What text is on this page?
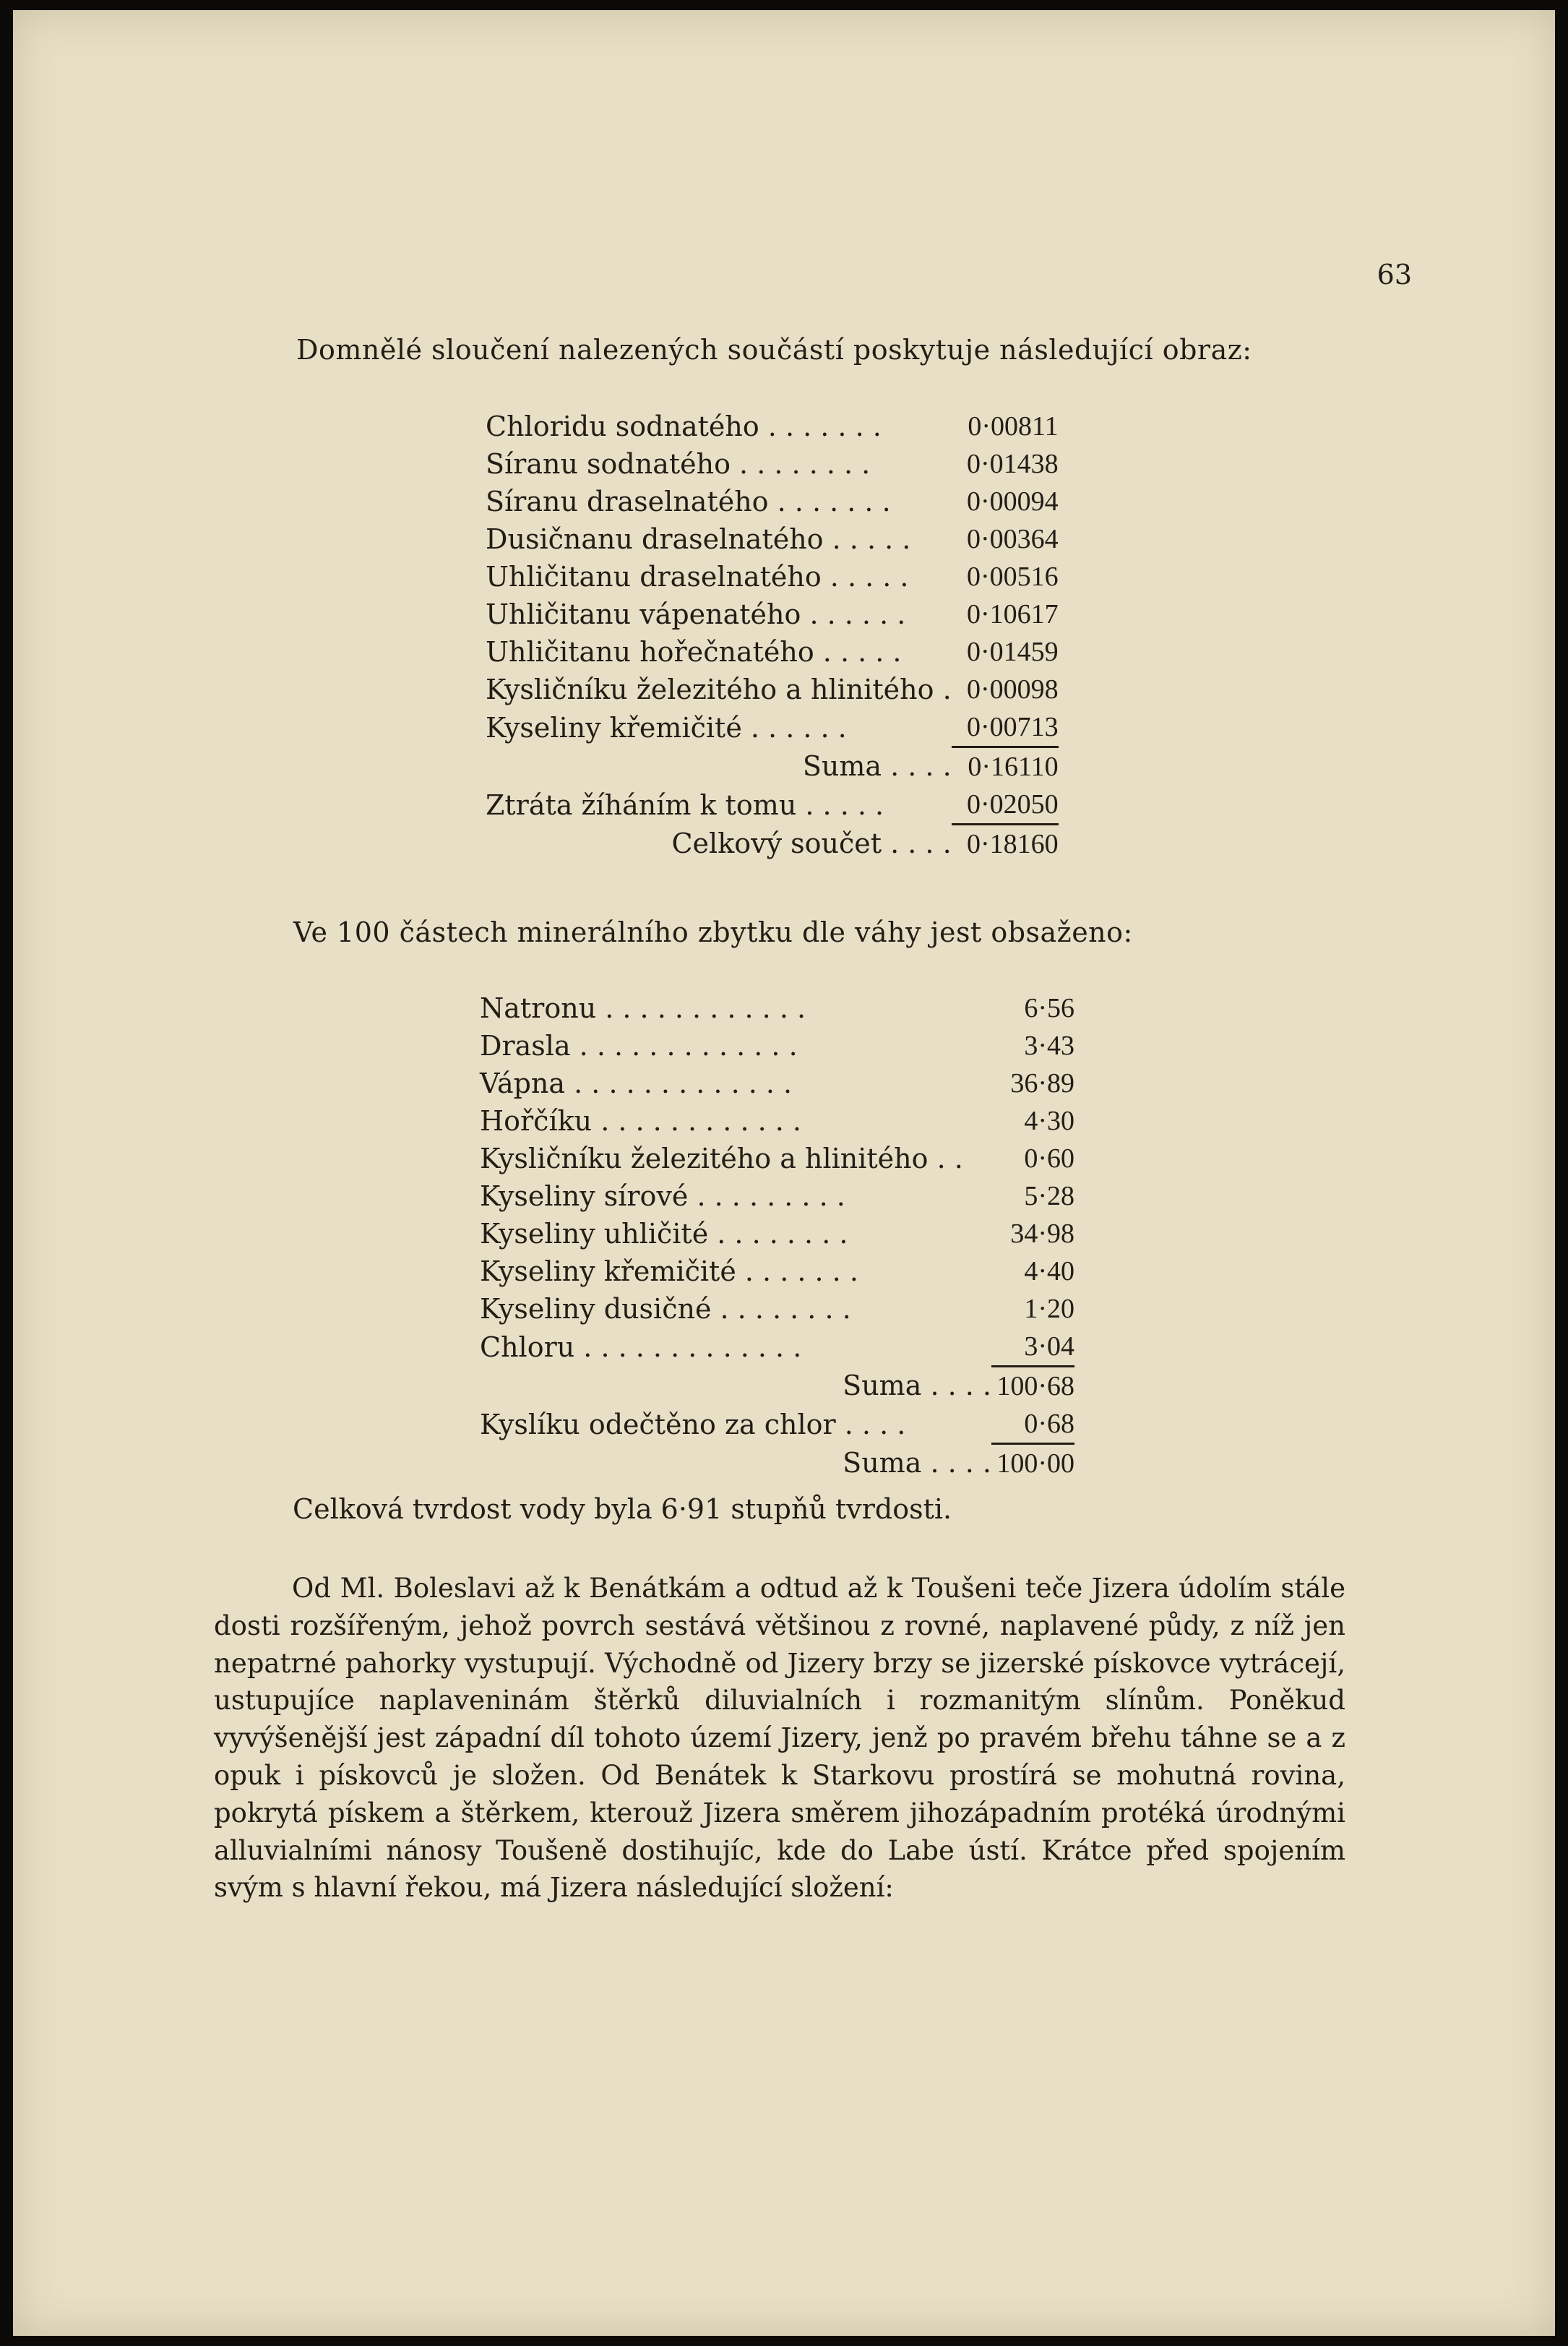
63
Domnělé sloučení nalezených součástí poskytuje následující obraz:
Chloridu sodnatého . . . . . . .	0·00811
Síranu sodnatého . . . . . . . .	0·01438
Síranu draselnatého . . . . . . .	0·00094
Dusičnanu draselnatého . . . . .	0·00364
Uhličitanu draselnatého . . . . .	0·00516
Uhličitanu vápenatého . . . . . .	0·10617
Uhličitanu hořečnatého . . . . .	0·01459
Kysličníku železitého a hlinitého .	0·00098
Kyseliny křemičité . . . . . .	0·00713
Suma . . . .	0·16110
Ztráta žíháním k tomu . . . . .	0·02050
Celkový součet . . . .	0·18160
Ve 100 částech minerálního zbytku dle váhy jest obsaženo:
Natronu . . . . . . . . . . . .	6·56
Drasla . . . . . . . . . . . . .	3·43
Vápna . . . . . . . . . . . . .	36·89
Hořčíku . . . . . . . . . . . .	4·30
Kysličníku železitého a hlinitého . .	0·60
Kyseliny sírové . . . . . . . . .	5·28
Kyseliny uhličité . . . . . . . .	34·98
Kyseliny křemičité . . . . . . .	4·40
Kyseliny dusičné . . . . . . . .	1·20
Chloru . . . . . . . . . . . . .	3·04
Suma . . . .	100·68
Kyslíku odečtěno za chlor . . . .	0·68
Suma . . . .	100·00
Celková tvrdost vody byla 6·91 stupňů tvrdosti.
Od Ml. Boleslavi až k Benátkám a odtud až k Toušeni teče Jizera údolím stále dosti rozšířeným, jehož povrch sestává většinou z rovné, naplavené půdy, z níž jen nepatrné pahorky vystupují. Východně od Jizery brzy se jizerské pískovce vytrácejí, ustupujíce naplaveninám štěrků diluvialních i rozmanitým slínům. Poněkud vyvýšenější jest západní díl tohoto území Jizery, jenž po pravém břehu táhne se a z opuk i pískovců je složen. Od Benátek k Starkovu prostírá se mohutná rovina, pokrytá pískem a štěrkem, kterouž Jizera směrem jihozápadním protéká úrodnými alluvialními nánosy Toušeně dostihujíc, kde do Labe ústí. Krátce před spojením svým s hlavní řekou, má Jizera následující složení:
